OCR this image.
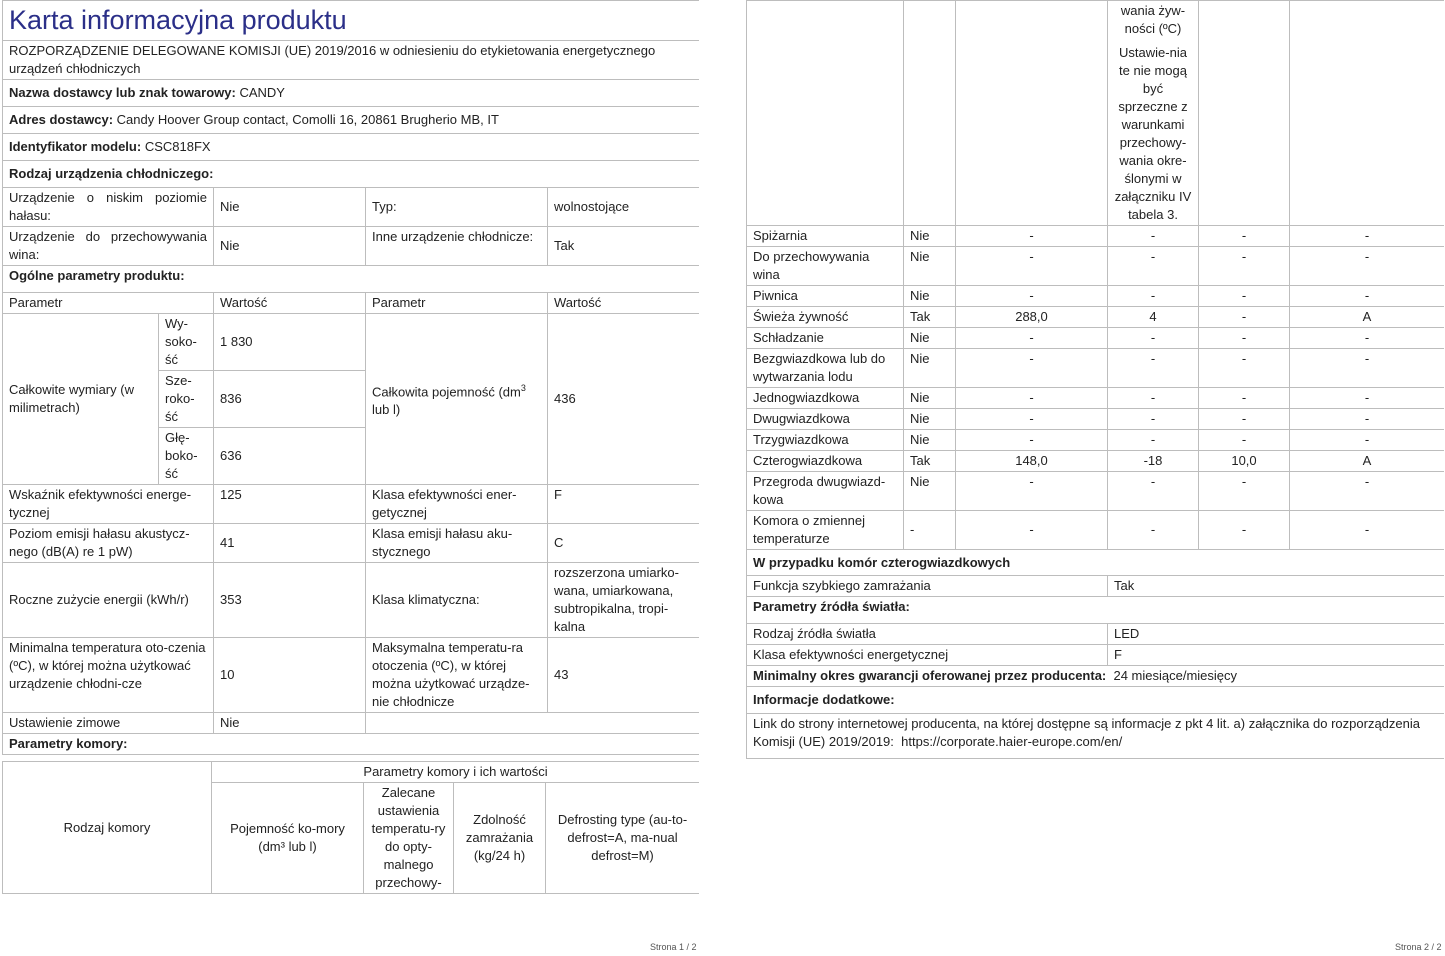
Karta informacyjna produktu				
ROZPORZĄDZENIE DELEGOWANE KOMISJI (UE) 2019/2016 w odniesieniu do etykietowania energetycznego urządzeń chłodniczych				
Nazwa dostawcy lub znak towarowy: CANDY				
Adres dostawcy: Candy Hoover Group contact, Comolli 16, 20861 Brugherio MB, IT				
Identyfikator modelu: CSC818FX				
Rodzaj urządzenia chłodniczego:				
Urządzenie o niskim poziomie hałasu:		Nie	Typ:	wolnostojące
Urządzenie do przechowywania wina:		Nie	Inne urządzenie chłodnicze:	Tak
Ogólne parametry produktu:				
Parametr		Wartość	Parametr	Wartość
Całkowite wymiary (w milimetrach)	Wy-soko-ść	1 830	Całkowita pojemność ($dm^3$ lub l)	436
	Sze-roko-ść	836		
	Głę-boko-ść	636		
Wskaźnik efektywności energe-tycznej		125	Klasa efektywności ener-getycznej	F
Poziom emisji hałasu akustycz-nego (dB(A) re 1 pW)		41	Klasa emisji hałasu aku-stycznego	C
Roczne zużycie energii (kWh/r)		353	Klasa klimatyczna:	rozszerzona umiarko-wana, umiarkowana, subtropikalna, tropi-kalna
Minimalna temperatura oto-czenia (ºC), w której można użytkować urządzenie chłodni-cze		10	Maksymalna temperatu-ra otoczenia (ºC), w której można użytkować urządze-nie chłodnicze	43
Ustawienie zimowe		Nie		
Parametry komory:				
Rodzaj komory	Parametry komory i ich wartości			
	Pojemność ko-mory (dm³ lub l)	Zalecane ustawienia temperatu-ry do opty-malnego przechowy-	Zdolność zamrażania (kg/24 h)	Defrosting type (au-to-defrost=A, ma-nual defrost=M)
Strona 1 / 2

			wania żyw-ności (ºC)
Ustawie-nia te nie mogą być sprzeczne z warunkami przechowy-wania okre-ślonymi w załączniku IV tabela 3.		

Spiżarnia	Nie	-	-	-	-
Do przechowywania wina	Nie	-	-	-	-
Piwnica	Nie	-	-	-	-
Świeża żywność	Tak	288,0	4	-	A
Schładzanie	Nie	-	-	-	-
Bezgwiazdkowa lub do wytwarzania lodu	Nie	-	-	-	-
Jednogwiazdkowa	Nie	-	-	-	-
Dwugwiazdkowa	Nie	-	-	-	-
Trzygwiazdkowa	Nie	-	-	-	-
Czterogwiazdkowa	Tak	148,0	-18	10,0	A
Przegroda dwugwiazd-kowa	Nie	-	-	-	-
Komora o zmiennej temperaturze	-	-	-	-	-
W przypadku komór czterogwiazdkowych					
Funkcja szybkiego zamrażania			Tak		
Parametry źródła światła:					
Rodzaj źródła światła			LED		
Klasa efektywności energetycznej			F		
Minimalny okres gwarancji oferowanej przez producenta: 24 miesiące/miesięcy					
Informacje dodatkowe:					
Link do strony internetowej producenta, na której dostępne są informacje z pkt 4 lit. a) załącznika do rozporządzenia Komisji (UE) 2019/2019: https://corporate.haier-europe.com/en/					
Strona 2 / 2
